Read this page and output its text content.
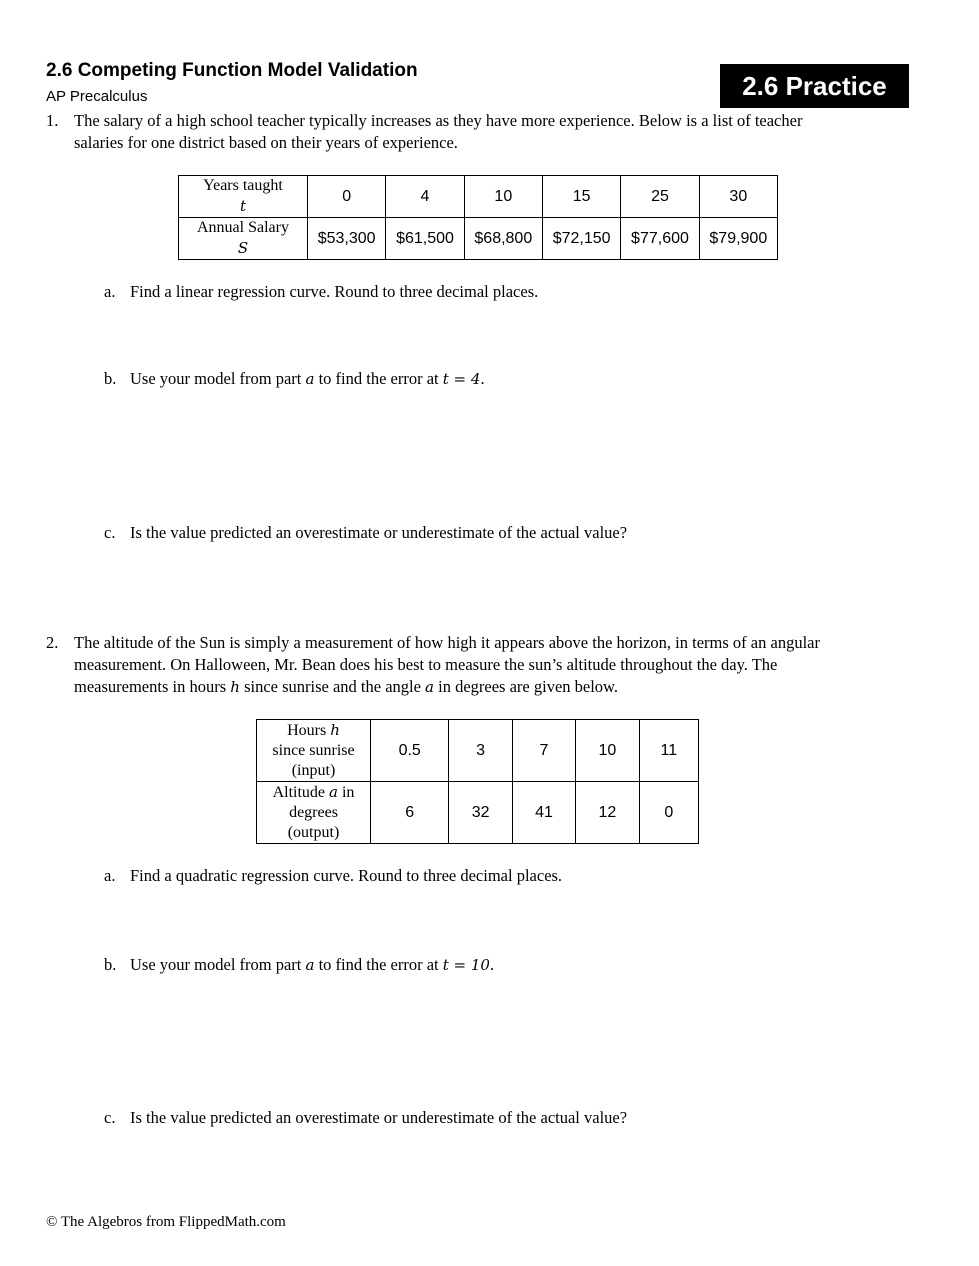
2.6 Competing Function Model Validation
AP Precalculus	2.6 Practice
1. The salary of a high school teacher typically increases as they have more experience. Below is a list of teacher
salaries for one district based on their years of experience.
Years taught
t	0	4	10	15	25	30

Annual Salary
S	$53,300	$61,500	$68,800	$72,150	$77,600	$79,900
a. Find a linear regression curve. Round to three decimal places.
b. Use your model from part a to find the error at t = 4.
c. Is the value predicted an overestimate or underestimate of the actual value?
2. The altitude of the Sun is simply a measurement of how high it appears above the horizon, in terms of an angular
measurement. On Halloween, Mr. Bean does his best to measure the sun’s altitude throughout the day. The
measurements in hours h since sunrise and the angle a in degrees are given below.
Hours h
since sunrise
(input)	0.5	3	7	10	11

Altitude a in
degrees
(output)	6	32	41	12	0
a. Find a quadratic regression curve. Round to three decimal places.
b. Use your model from part a to find the error at t = 10.
c. Is the value predicted an overestimate or underestimate of the actual value?
© The Algebros from FlippedMath.com
